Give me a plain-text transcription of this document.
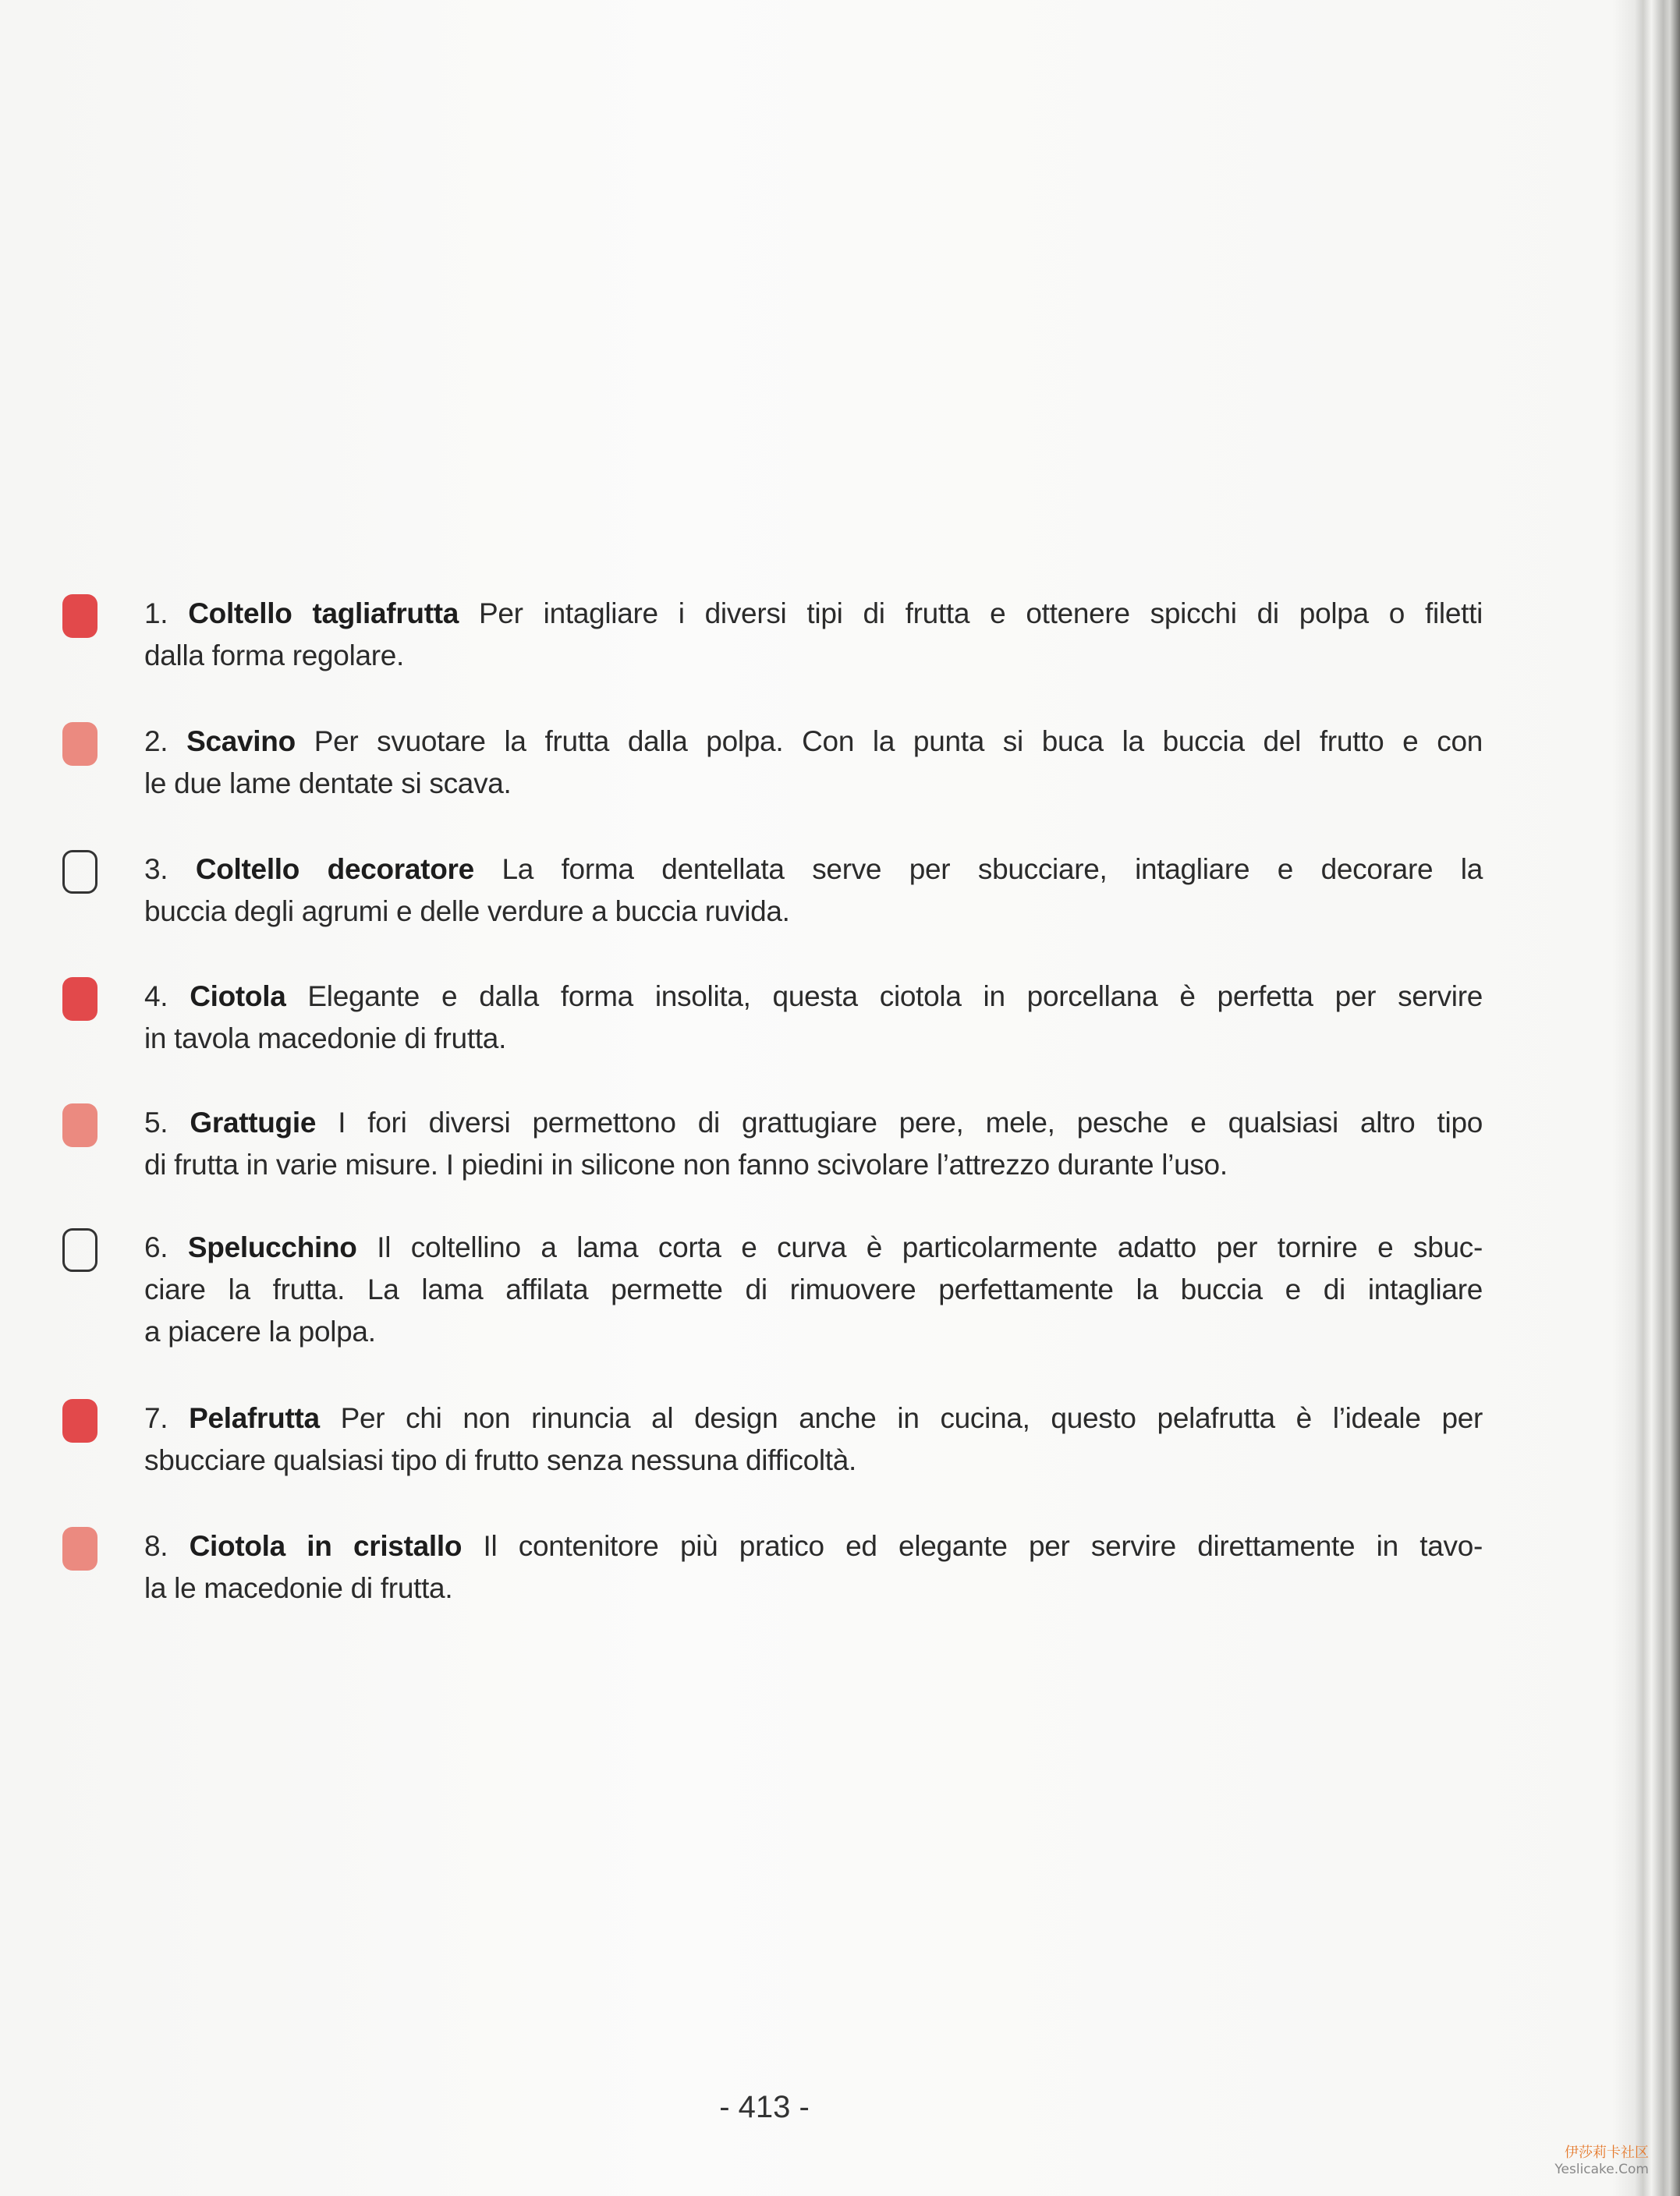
1. Coltello tagliafrutta Per intagliare i diversi tipi di frutta e ottenere spicchi di polpa o filetti
dalla forma regolare.
2. Scavino Per svuotare la frutta dalla polpa. Con la punta si buca la buccia del frutto e con
le due lame dentate si scava.
3. Coltello decoratore La forma dentellata serve per sbucciare, intagliare e decorare la
buccia degli agrumi e delle verdure a buccia ruvida.
4. Ciotola Elegante e dalla forma insolita, questa ciotola in porcellana è perfetta per servire
in tavola macedonie di frutta.
5. Grattugie I fori diversi permettono di grattugiare pere, mele, pesche e qualsiasi altro tipo
di frutta in varie misure. I piedini in silicone non fanno scivolare l’attrezzo durante l’uso.
6. Spelucchino Il coltellino a lama corta e curva è particolarmente adatto per tornire e sbuc-
ciare la frutta. La lama affilata permette di rimuovere perfettamente la buccia e di intagliare
a piacere la polpa.
7. Pelafrutta Per chi non rinuncia al design anche in cucina, questo pelafrutta è l’ideale per
sbucciare qualsiasi tipo di frutto senza nessuna difficoltà.
8. Ciotola in cristallo Il contenitore più pratico ed elegante per servire direttamente in tavo-
la le macedonie di frutta.
- 413 -
伊莎莉卡社区
Yeslicake.Com
